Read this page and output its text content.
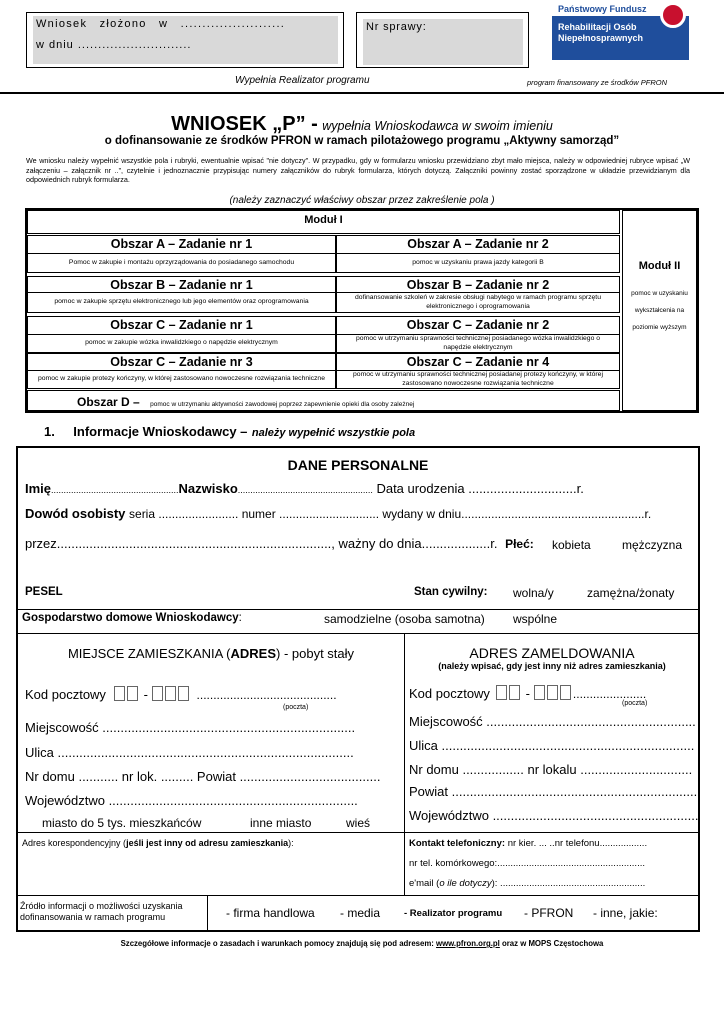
Wniosek złożono w ........................
w dniu ............................
Nr sprawy:
Państwowy Fundusz
Rehabilitacji Osób
Niepełnosprawnych
Wypełnia Realizator programu	program finansowany ze środków PFRON
WNIOSEK „P” - wypełnia Wnioskodawca w swoim imieniu
o dofinansowanie ze środków PFRON w ramach pilotażowego programu „Aktywny samorząd”
We wniosku należy wypełnić wszystkie pola i rubryki, ewentualnie wpisać "nie dotyczy". W przypadku, gdy w formularzu wniosku przewidziano zbyt mało miejsca, należy w odpowiedniej rubryce wpisać „W załączeniu – załącznik nr ..”, czytelnie i jednoznacznie przypisując numery załączników do rubryk formularza, których dotyczą. Załączniki powinny zostać sporządzone w układzie przewidzianym dla odpowiednich rubryk formularza.
(należy zaznaczyć właściwy obszar przez zakreślenie pola )
Moduł I
Moduł II
pomoc w uzyskaniu
wykształcenia na
poziomie wyższym
Obszar A – Zadanie nr 1
Pomoc w zakupie i montażu oprzyrządowania do posiadanego samochodu
Obszar A – Zadanie nr 2
pomoc w uzyskaniu prawa jazdy kategorii B
Obszar B – Zadanie nr 1
pomoc w zakupie sprzętu elektronicznego lub jego elementów oraz oprogramowania
Obszar B – Zadanie nr 2
dofinansowanie szkoleń w zakresie obsługi nabytego w ramach programu sprzętu elektronicznego i oprogramowania
Obszar C – Zadanie nr 1
pomoc w zakupie wózka inwalidzkiego o napędzie elektrycznym
Obszar C – Zadanie nr 2
pomoc w utrzymaniu sprawności technicznej posiadanego wózka inwalidzkiego o napędzie elektrycznym
Obszar C – Zadanie nr 3
pomoc w zakupie protezy kończyny, w której zastosowano nowoczesne rozwiązania techniczne
Obszar C – Zadanie nr 4
pomoc w utrzymaniu sprawności technicznej posiadanej protezy kończyny, w której zastosowano nowoczesne rozwiązania techniczne
Obszar D – pomoc w utrzymaniu aktywności zawodowej poprzez zapewnienie opieki dla osoby zależnej
1. Informacje Wnioskodawcy – należy wypełnić wszystkie pola
DANE PERSONALNE
Imię...................................................Nazwisko...................................................... Data urodzenia ..............................r.
Dowód osobisty seria ........................ numer .............................. wydany w dniu.......................................................r.
przez............................................................................, ważny do dnia...................r. Płeć: kobieta	mężczyzna
PESEL	Stan cywilny: wolna/y	zamężna/żonaty
Gospodarstwo domowe Wnioskodawcy:	samodzielne (osoba samotna) wspólne
MIEJSCE ZAMIESZKANIA (ADRES) - pobyt stały
Kod pocztowy	-	..........................................
(poczta)
Miejscowość ......................................................................
Ulica ..................................................................................
Nr domu ........... nr lok. ......... Powiat .......................................
Województwo .....................................................................
miasto do 5 tys. mieszkańców	inne miasto	wieś
ADRES ZAMELDOWANIA
(należy wpisać, gdy jest inny niż adres zamieszkania)
Kod pocztowy	-	......................
(poczta)
Miejscowość ..........................................................
Ulica ......................................................................
Nr domu ................. nr lokalu ...............................
Powiat .....................................................................
Województwo .........................................................
Adres korespondencyjny (jeśli jest inny od adresu zamieszkania):	Kontakt telefoniczny: nr kier. ... ..nr telefonu..................
nr tel. komórkowego:........................................................
e'mail (o ile dotyczy): .......................................................
Źródło informacji o możliwości uzyskania
dofinansowania w ramach programu	- firma handlowa - media	- Realizator programu - PFRON - inne, jakie:
Szczegółowe informacje o zasadach i warunkach pomocy znajdują się pod adresem: www.pfron.org.pl oraz w MOPS Częstochowa
